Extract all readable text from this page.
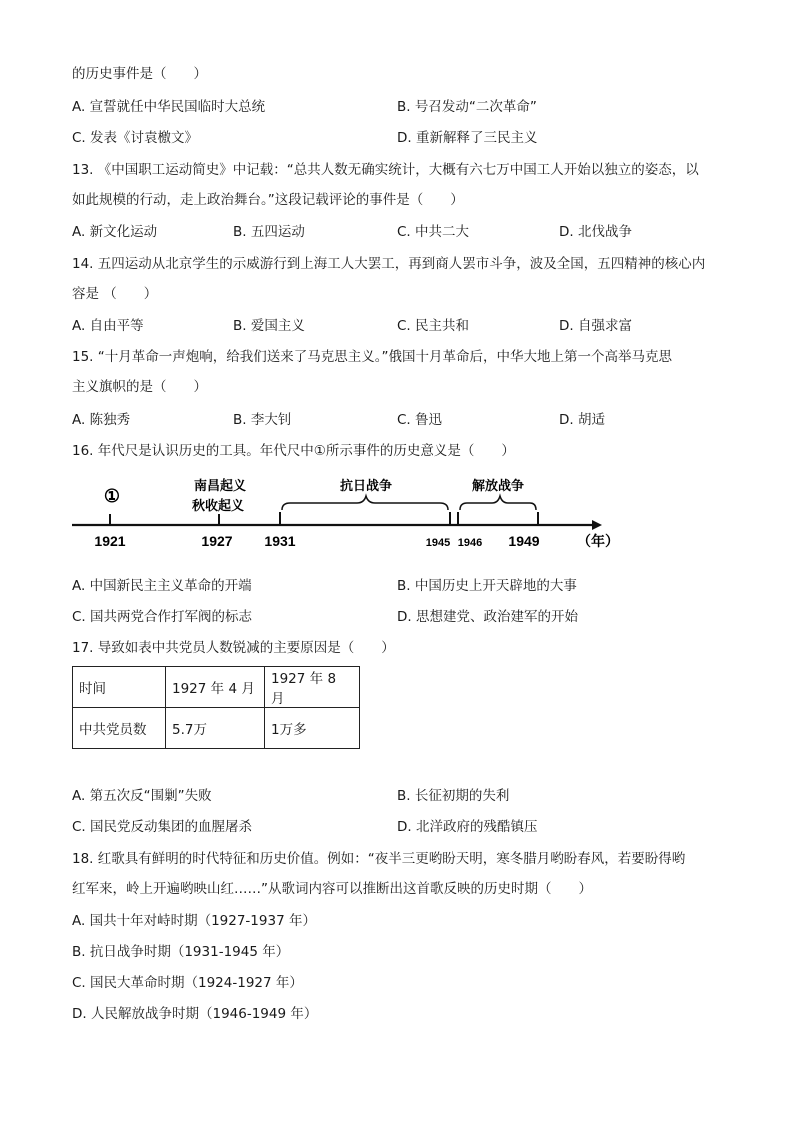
的历史事件是（　　）
A. 宣誓就任中华民国临时大总统	B. 号召发动“二次革命”
C. 发表《讨袁檄文》	D. 重新解释了三民主义
13. 《中国职工运动简史》中记载：“总共人数无确实统计，大概有六七万中国工人开始以独立的姿态，以
如此规模的行动，走上政治舞台。”这段记载评论的事件是（　　）
A. 新文化运动	B. 五四运动	C. 中共二大	D. 北伐战争
14. 五四运动从北京学生的示威游行到上海工人大罢工，再到商人罢市斗争，波及全国，五四精神的核心内
容是 （　　）
A. 自由平等	B. 爱国主义	C. 民主共和	D. 自强求富
15. “十月革命一声炮响，给我们送来了马克思主义。”俄国十月革命后，中华大地上第一个高举马克思
主义旗帜的是（　　）
A. 陈独秀	B. 李大钊	C. 鲁迅	D. 胡适
16. 年代尺是认识历史的工具。年代尺中①所示事件的历史意义是（　　）
①
南昌起义
秋收起义
抗日战争	解放战争
1921	1927 1931	1945 1946 1949	（年）
A. 中国新民主主义革命的开端	B. 中国历史上开天辟地的大事
C. 国共两党合作打军阀的标志	D. 思想建党、政治建军的开始
17. 导致如表中共党员人数锐减的主要原因是（　　）
时间	1927 年 4 月	1927 年 8 月
中共党员数	5.7万	1万多
A. 第五次反“围剿”失败	B. 长征初期的失利
C. 国民党反动集团的血腥屠杀	D. 北洋政府的残酷镇压
18. 红歌具有鲜明的时代特征和历史价值。例如：“夜半三更哟盼天明，寒冬腊月哟盼春风，若要盼得哟
红军来，岭上开遍哟映山红……”从歌词内容可以推断出这首歌反映的历史时期（　　）
A. 国共十年对峙时期（1927-1937 年）
B. 抗日战争时期（1931-1945 年）
C. 国民大革命时期（1924-1927 年）
D. 人民解放战争时期（1946-1949 年）
